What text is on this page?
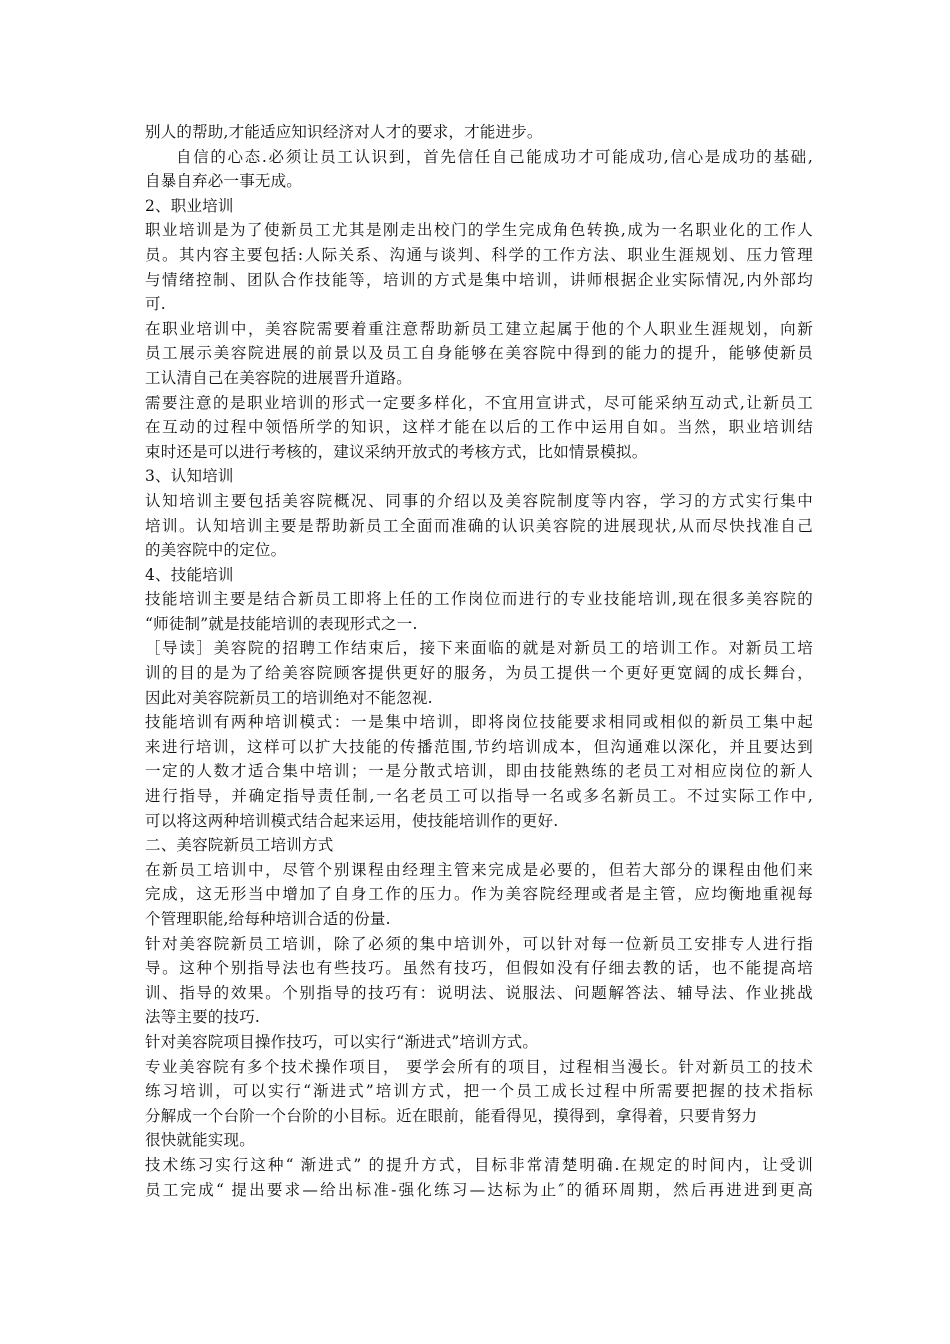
别人的帮助,才能适应知识经济对人才的要求，才能进步。
自信的心态.必须让员工认识到，首先信任自己能成功才可能成功,信心是成功的基础,
自暴自弃必一事无成。
2、职业培训
职业培训是为了使新员工尤其是刚走出校门的学生完成角色转换,成为一名职业化的工作人
员。其内容主要包括:人际关系、沟通与谈判、科学的工作方法、职业生涯规划、压力管理
与情绪控制、团队合作技能等，培训的方式是集中培训，讲师根据企业实际情况,内外部均
可.
在职业培训中，美容院需要着重注意帮助新员工建立起属于他的个人职业生涯规划，向新
员工展示美容院进展的前景以及员工自身能够在美容院中得到的能力的提升，能够使新员
工认清自己在美容院的进展晋升道路。
需要注意的是职业培训的形式一定要多样化，不宜用宣讲式，尽可能采纳互动式,让新员工
在互动的过程中领悟所学的知识，这样才能在以后的工作中运用自如。当然，职业培训结
束时还是可以进行考核的，建议采纳开放式的考核方式，比如情景模拟。
3、认知培训
认知培训主要包括美容院概况、同事的介绍以及美容院制度等内容，学习的方式实行集中
培训。认知培训主要是帮助新员工全面而准确的认识美容院的进展现状,从而尽快找准自己
的美容院中的定位。
4、技能培训
技能培训主要是结合新员工即将上任的工作岗位而进行的专业技能培训,现在很多美容院的
“师徒制”就是技能培训的表现形式之一.
［导读］美容院的招聘工作结束后，接下来面临的就是对新员工的培训工作。对新员工培
训的目的是为了给美容院顾客提供更好的服务，为员工提供一个更好更宽阔的成长舞台，
因此对美容院新员工的培训绝对不能忽视.
技能培训有两种培训模式：一是集中培训，即将岗位技能要求相同或相似的新员工集中起
来进行培训，这样可以扩大技能的传播范围,节约培训成本，但沟通难以深化，并且要达到
一定的人数才适合集中培训；一是分散式培训，即由技能熟练的老员工对相应岗位的新人
进行指导，并确定指导责任制,一名老员工可以指导一名或多名新员工。不过实际工作中,
可以将这两种培训模式结合起来运用，使技能培训作的更好.
二、美容院新员工培训方式
在新员工培训中，尽管个别课程由经理主管来完成是必要的，但若大部分的课程由他们来
完成，这无形当中增加了自身工作的压力。作为美容院经理或者是主管，应均衡地重视每
个管理职能,给每种培训合适的份量.
针对美容院新员工培训，除了必须的集中培训外，可以针对每一位新员工安排专人进行指
导。这种个别指导法也有些技巧。虽然有技巧，但假如没有仔细去教的话，也不能提高培
训、指导的效果。个别指导的技巧有：说明法、说服法、问题解答法、辅导法、作业挑战
法等主要的技巧.
针对美容院项目操作技巧，可以实行“渐进式”培训方式。
专业美容院有多个技术操作项目， 要学会所有的项目，过程相当漫长。针对新员工的技术
练习培训，可以实行“渐进式”培训方式，把一个员工成长过程中所需要把握的技术指标
分解成一个台阶一个台阶的小目标。近在眼前，能看得见，摸得到，拿得着，只要肯努力
很快就能实现。
技术练习实行这种“ 渐进式” 的提升方式，目标非常清楚明确.在规定的时间内，让受训
员工完成“ 提出要求—给出标准-强化练习—达标为止″的循环周期，然后再进进到更高
